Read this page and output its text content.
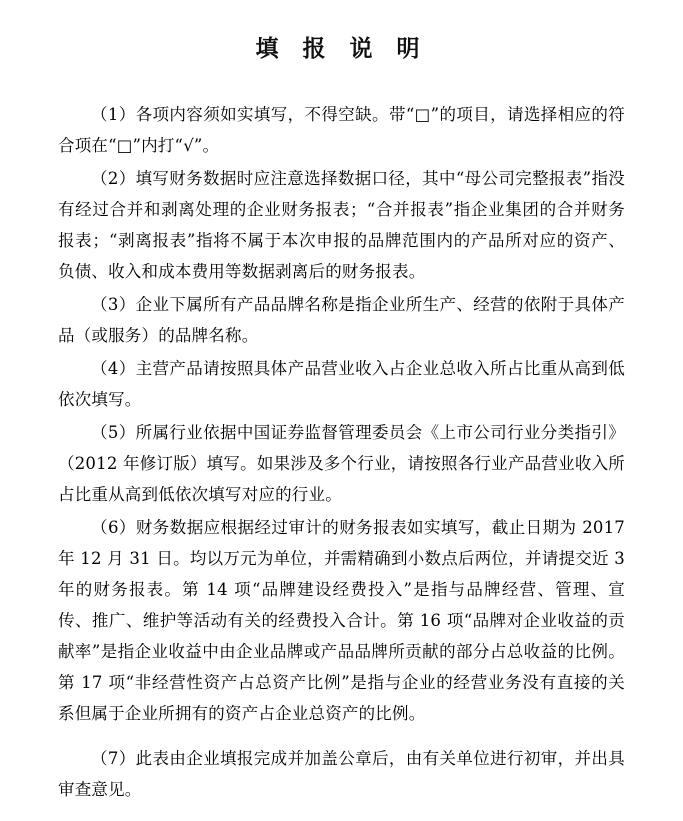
填 报 说 明

（1）各项内容须如实填写，不得空缺。带“□”的项目，请选择相应的符合项在“□”内打“√”。

（2）填写财务数据时应注意选择数据口径，其中“母公司完整报表”指没有经过合并和剥离处理的企业财务报表；“合并报表”指企业集团的合并财务报表；“剥离报表”指将不属于本次申报的品牌范围内的产品所对应的资产、负债、收入和成本费用等数据剥离后的财务报表。

（3）企业下属所有产品品牌名称是指企业所生产、经营的依附于具体产品（或服务）的品牌名称。

（4）主营产品请按照具体产品营业收入占企业总收入所占比重从高到低依次填写。

（5）所属行业依据中国证券监督管理委员会《上市公司行业分类指引》（2012 年修订版）填写。如果涉及多个行业，请按照各行业产品营业收入所占比重从高到低依次填写对应的行业。

（6）财务数据应根据经过审计的财务报表如实填写，截止日期为 2017 年 12 月 31 日。均以万元为单位，并需精确到小数点后两位，并请提交近 3 年的财务报表。第 14 项“品牌建设经费投入”是指与品牌经营、管理、宣传、推广、维护等活动有关的经费投入合计。第 16 项“品牌对企业收益的贡献率”是指企业收益中由企业品牌或产品品牌所贡献的部分占总收益的比例。第 17 项“非经营性资产占总资产比例”是指与企业的经营业务没有直接的关系但属于企业所拥有的资产占企业总资产的比例。

（7）此表由企业填报完成并加盖公章后，由有关单位进行初审，并出具审查意见。
